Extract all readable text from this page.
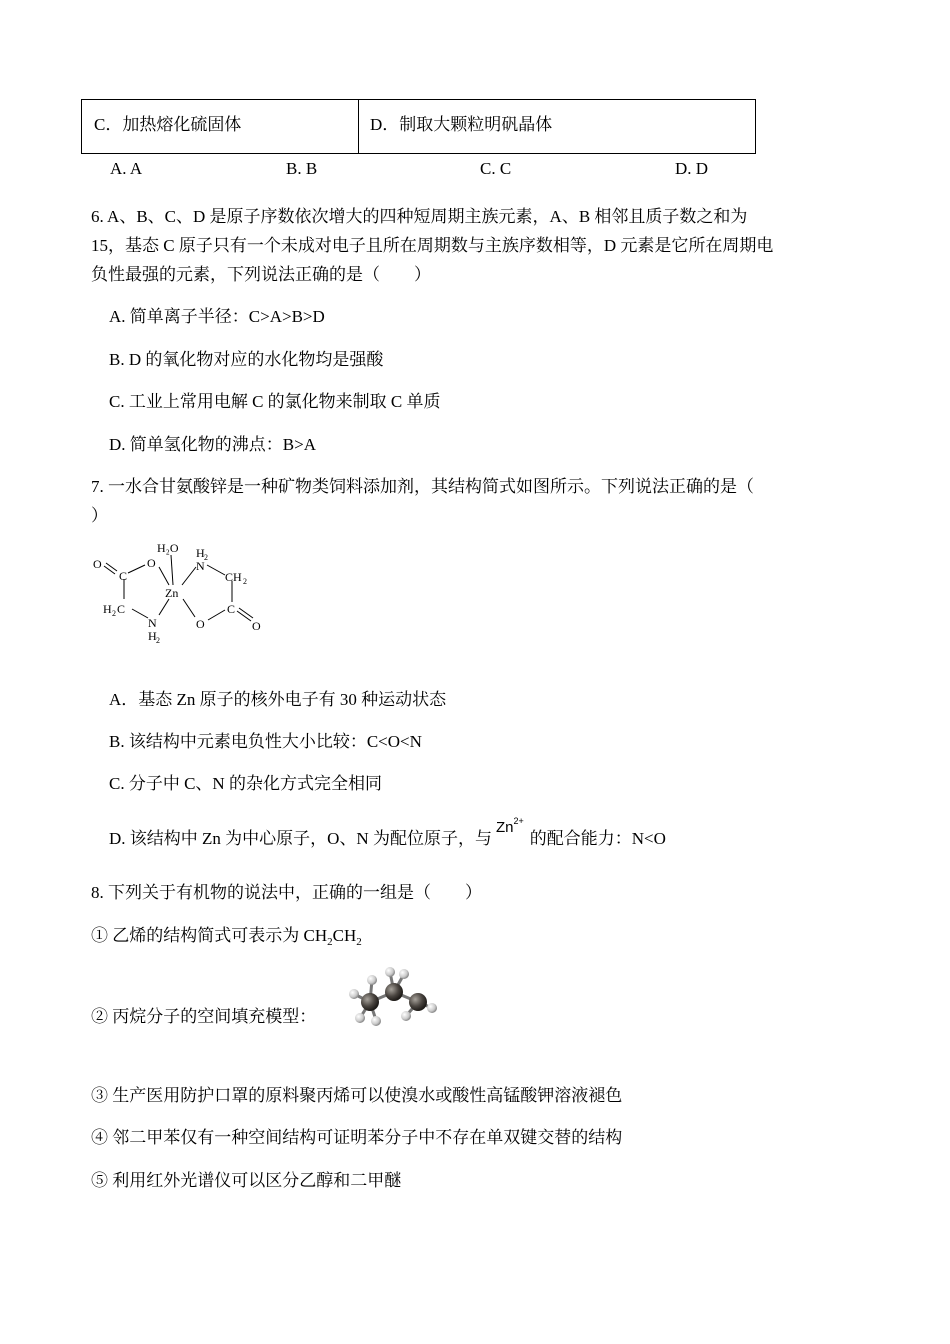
C．加热熔化硫固体	D．制取大颗粒明矾晶体
A. A	B. B	C. C	D. D
6. A、B、C、D 是原子序数依次增大的四种短周期主族元素，A、B 相邻且质子数之和为
15，基态 C 原子只有一个未成对电子且所在周期数与主族序数相等，D 元素是它所在周期电
负性最强的元素，下列说法正确的是（　　）
A. 简单离子半径：C>A>B>D
B. D 的氧化物对应的水化物均是强酸
C. 工业上常用电解 C 的氯化物来制取 C 单质
D. 简单氢化物的沸点：B>A
7. 一水合甘氨酸锌是一种矿物类饲料添加剂，其结构简式如图所示。下列说法正确的是（
）
O
C
O
H₂O
Zn
H 2
N
CH 2
H 2 C
N
H 2
O
C
O
A．基态 Zn 原子的核外电子有 30 种运动状态
B. 该结构中元素电负性大小比较：C<O<N
C. 分子中 C、N 的杂化方式完全相同
D. 该结构中 Zn 为中心原子，O、N 为配位原子，与$Zn^{2+}$的配合能力：N<O
8. 下列关于有机物的说法中，正确的一组是（　　）
① 乙烯的结构简式可表示为 $CH_2CH_2$
② 丙烷分子的空间填充模型：
③ 生产医用防护口罩的原料聚丙烯可以使溴水或酸性高锰酸钾溶液褪色
④ 邻二甲苯仅有一种空间结构可证明苯分子中不存在单双键交替的结构
⑤ 利用红外光谱仪可以区分乙醇和二甲醚
